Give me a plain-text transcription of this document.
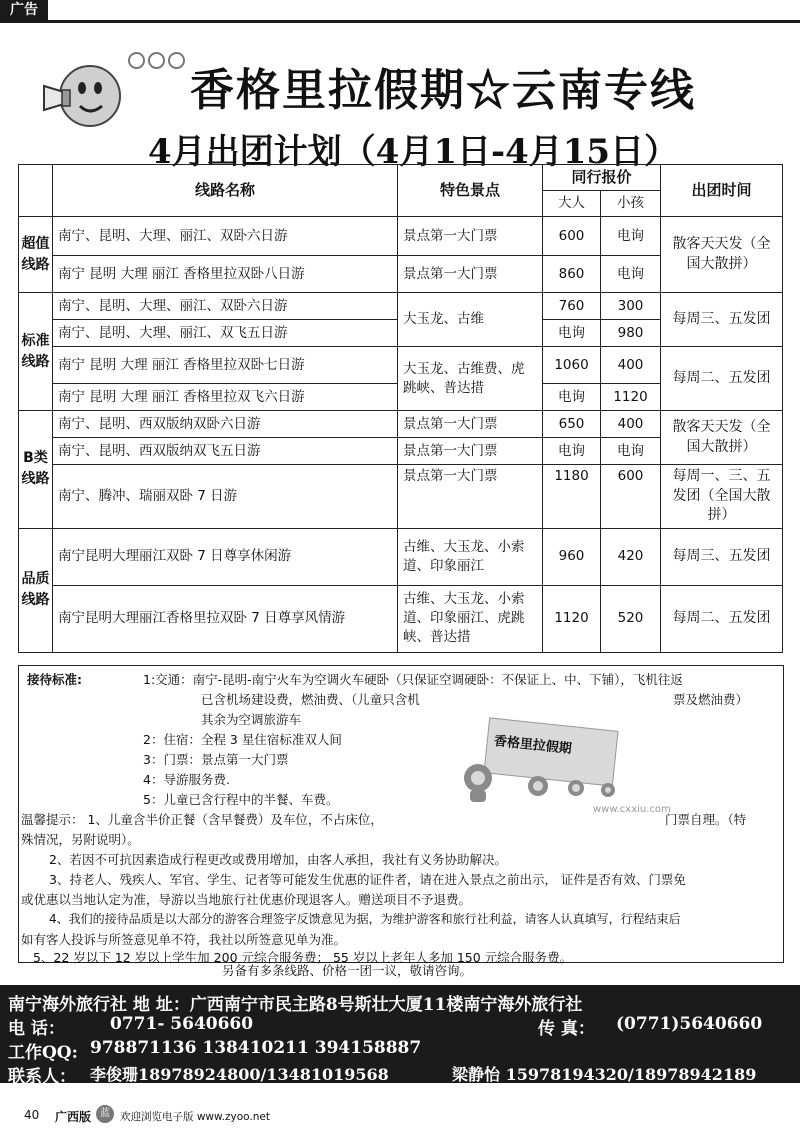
广告
香格里拉假期☆云南专线
4月出团计划（4月1日-4月15日）
	线路名称	特色景点	同行报价		出团时间
			大人	小孩	
超值线路	南宁、昆明、大理、丽江、双卧六日游	景点第一大门票	600	电询	散客天天发（全国大散拼）
	南宁 昆明 大理 丽江 香格里拉双卧八日游	景点第一大门票	860	电询	
标准线路	南宁、昆明、大理、丽江、双卧六日游	大玉龙、古维	760	300	每周三、五发团
	南宁、昆明、大理、丽江、双飞五日游		电询	980	
	南宁 昆明 大理 丽江 香格里拉双卧七日游	大玉龙、古维费、虎跳峡、普达措	1060	400	每周二、五发团
	南宁 昆明 大理 丽江 香格里拉双飞六日游		电询	1120	
B类线路	南宁、昆明、西双版纳双卧六日游	景点第一大门票	650	400	散客天天发（全国大散拼）
	南宁、昆明、西双版纳双飞五日游	景点第一大门票	电询	电询	
	南宁、腾冲、瑞丽双卧 7 日游	景点第一大门票	1180	600	每周一、三、五发团（全国大散拼）
品质线路	南宁昆明大理丽江双卧 7 日尊享休闲游	古维、大玉龙、小索道、印象丽江	960	420	每周三、五发团
	南宁昆明大理丽江香格里拉双卧 7 日尊享风情游	古维、大玉龙、小索道、印象丽江、虎跳峡、普达措	1120	520	每周二、五发团
接待标准:	1:交通：南宁-昆明-南宁火车为空调火车硬卧（只保证空调硬卧：不保证上、中、下铺），飞机往返
已含机场建设费，燃油费、（儿童只含机	票及燃油费）
其余为空调旅游车
2：住宿：全程 3 星住宿标准双人间
3：门票：景点第一大门票
4：导游服务费.
5：儿童已含行程中的半餐、车费。
温馨提示： 1、儿童含半价正餐（含早餐费）及车位，不占床位，	门票自理。（特
殊情况，另附说明）。
2、若因不可抗因素造成行程更改或费用增加，由客人承担，我社有义务协助解决。
3、持老人、残疾人、军官、学生、记者等可能发生优惠的证件者，请在进入景点之前出示， 证件是否有效、门票免
或优惠以当地认定为准，导游以当地旅行社优惠价现退客人。赠送项目不予退费。
4、我们的接待品质是以大部分的游客合理签字反馈意见为据，为维护游客和旅行社利益，请客人认真填写，行程结束后
如有客人投诉与所签意见单不符，我社以所签意见单为准。
5、22 岁以下 12 岁以上学生加 200 元综合服务费； 55 岁以上老年人多加 150 元综合服务费。
另备有多条线路、价格一团一议，敬请咨询。
香格里拉假期
www.cxxiu.com
南宁海外旅行社 地 址：广西南宁市民主路8号斯壮大厦11楼南宁海外旅行社
电 话：	0771- 5640660	传 真： (0771)5640660
工作QQ: 978871136 138410211 394158887
联系人： 李俊珊18978924800/13481019568	梁静怡 15978194320/18978942189
40 广西版 蓝 欢迎浏览电子版 www.zyoo.net
